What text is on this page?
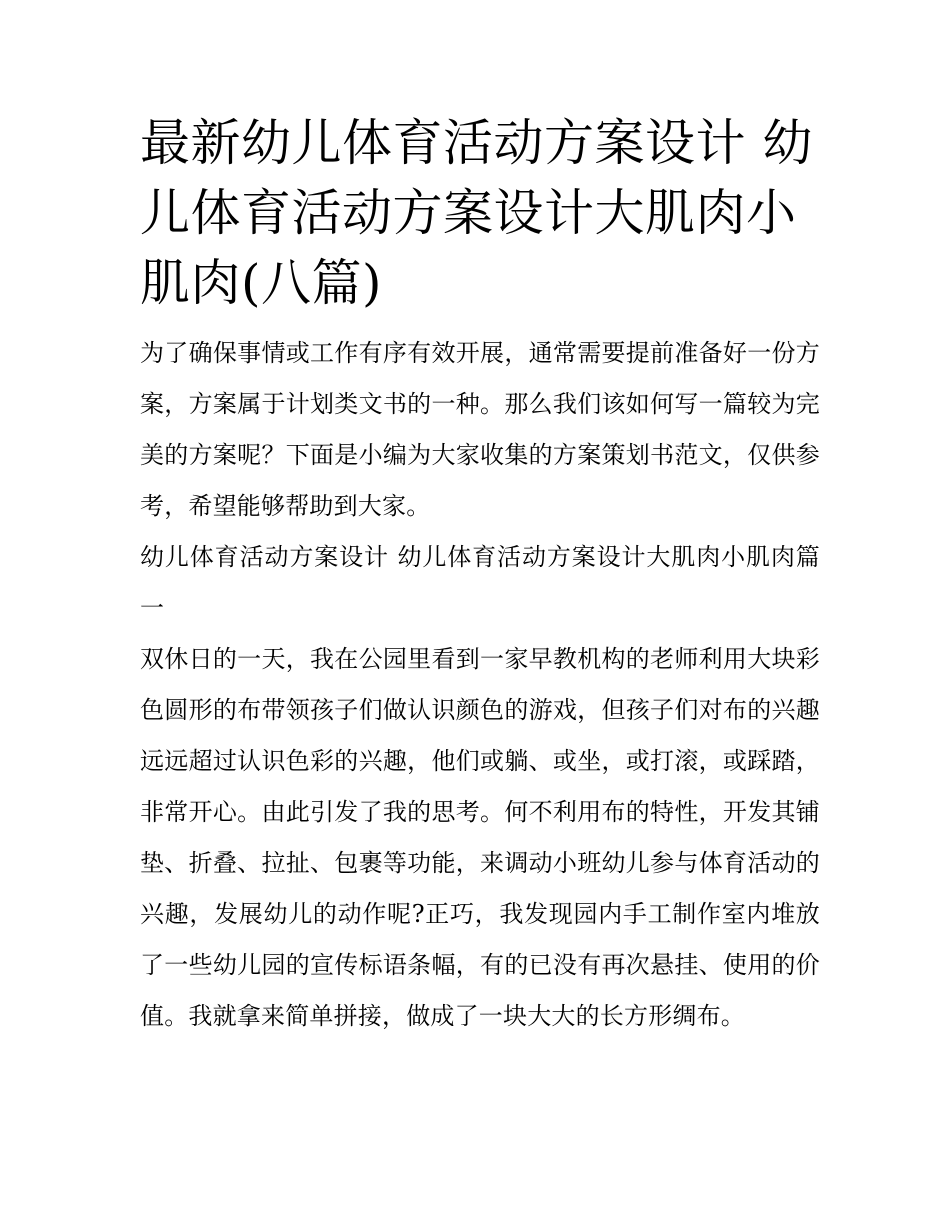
最新幼儿体育活动方案设计 幼儿体育活动方案设计大肌肉小肌肉(八篇)

为了确保事情或工作有序有效开展，通常需要提前准备好一份方案，方案属于计划类文书的一种。那么我们该如何写一篇较为完美的方案呢？下面是小编为大家收集的方案策划书范文，仅供参考，希望能够帮助到大家。

幼儿体育活动方案设计 幼儿体育活动方案设计大肌肉小肌肉篇一

双休日的一天，我在公园里看到一家早教机构的老师利用大块彩色圆形的布带领孩子们做认识颜色的游戏，但孩子们对布的兴趣远远超过认识色彩的兴趣，他们或躺、或坐，或打滚，或踩踏，非常开心。由此引发了我的思考。何不利用布的特性，开发其铺垫、折叠、拉扯、包裹等功能，来调动小班幼儿参与体育活动的兴趣，发展幼儿的动作呢?正巧，我发现园内手工制作室内堆放了一些幼儿园的宣传标语条幅，有的已没有再次悬挂、使用的价值。我就拿来简单拼接，做成了一块大大的长方形绸布。
